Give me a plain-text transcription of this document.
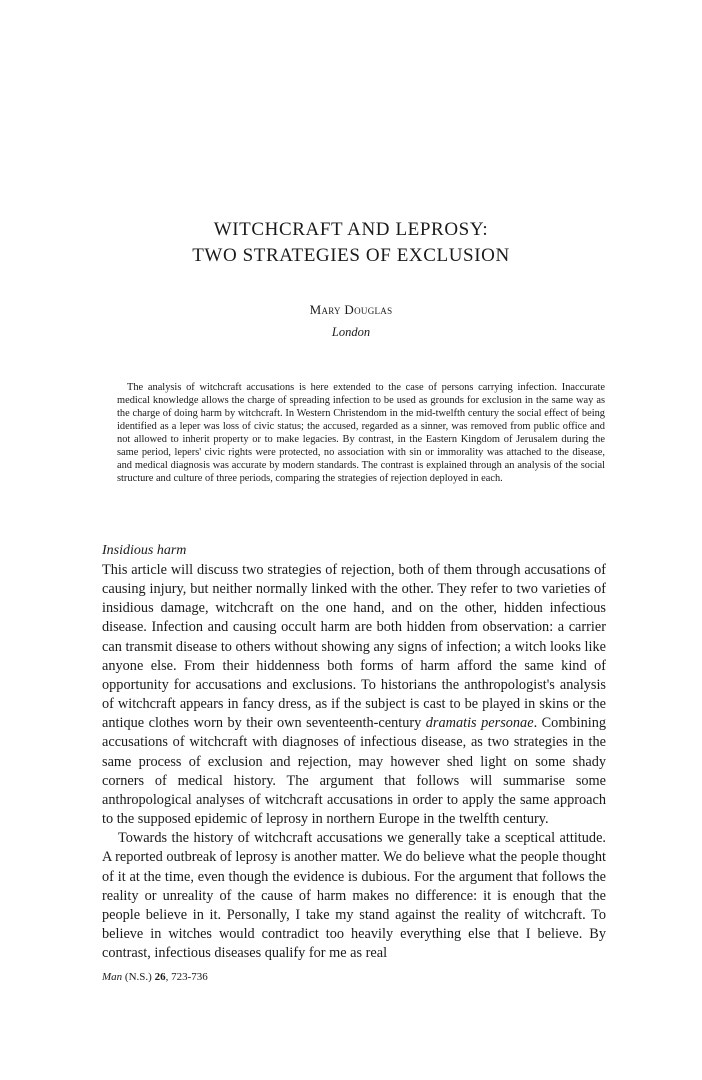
WITCHCRAFT AND LEPROSY:
TWO STRATEGIES OF EXCLUSION
Mary Douglas
London

The analysis of witchcraft accusations is here extended to the case of persons carrying infection. Inaccurate medical knowledge allows the charge of spreading infection to be used as grounds for exclusion in the same way as the charge of doing harm by witchcraft. In Western Christendom in the mid-twelfth century the social effect of being identified as a leper was loss of civic status; the accused, regarded as a sinner, was removed from public office and not allowed to inherit property or to make legacies. By contrast, in the Eastern Kingdom of Jerusalem during the same period, lepers' civic rights were protected, no association with sin or immorality was attached to the disease, and medical diagnosis was accurate by modern standards. The contrast is explained through an analysis of the social structure and culture of three periods, comparing the strategies of rejection deployed in each.

Insidious harm

This article will discuss two strategies of rejection, both of them through accusations of causing injury, but neither normally linked with the other. They refer to two varieties of insidious damage, witchcraft on the one hand, and on the other, hidden infectious disease. Infection and causing occult harm are both hidden from observation: a carrier can transmit disease to others without showing any signs of infection; a witch looks like anyone else. From their hiddenness both forms of harm afford the same kind of opportunity for accusations and exclusions. To historians the anthropologist's analysis of witchcraft appears in fancy dress, as if the subject is cast to be played in skins or the antique clothes worn by their own seventeenth-century dramatis personae. Combining accusations of witchcraft with diagnoses of infectious disease, as two strategies in the same process of exclusion and rejection, may however shed light on some shady corners of medical history. The argument that follows will summarise some anthropological analyses of witchcraft accusations in order to apply the same approach to the supposed epidemic of leprosy in northern Europe in the twelfth century.

Towards the history of witchcraft accusations we generally take a sceptical attitude. A reported outbreak of leprosy is another matter. We do believe what the people thought of it at the time, even though the evidence is dubious. For the argument that follows the reality or unreality of the cause of harm makes no difference: it is enough that the people believe in it. Personally, I take my stand against the reality of witchcraft. To believe in witches would contradict too heavily everything else that I believe. By contrast, infectious diseases qualify for me as real

Man (N.S.) 26, 723-736
